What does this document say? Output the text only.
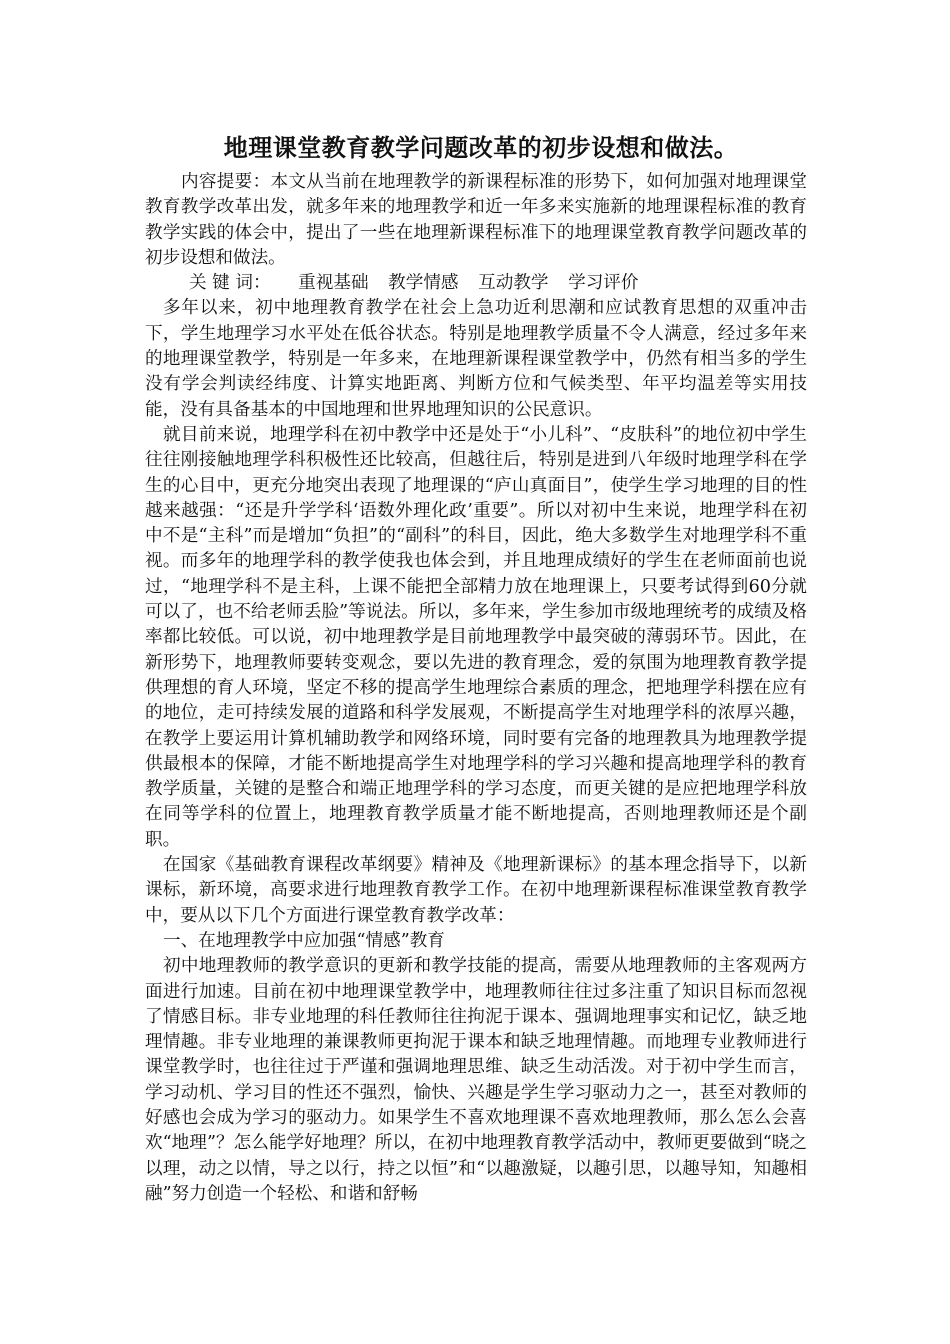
地理课堂教育教学问题改革的初步设想和做法。

内容提要：本文从当前在地理教学的新课程标准的形势下，如何加强对地理课堂教育教学改革出发，就多年来的地理教学和近一年多来实施新的地理课程标准的教育教学实践的体会中，提出了一些在地理新课程标准下的地理课堂教育教学问题改革的初步设想和做法。

关 键 词： 重视基础 教学情感 互动教学 学习评价

多年以来，初中地理教育教学在社会上急功近利思潮和应试教育思想的双重冲击下，学生地理学习水平处在低谷状态。特别是地理教学质量不令人满意，经过多年来的地理课堂教学，特别是一年多来，在地理新课程课堂教学中，仍然有相当多的学生没有学会判读经纬度、计算实地距离、判断方位和气候类型、年平均温差等实用技能，没有具备基本的中国地理和世界地理知识的公民意识。

就目前来说，地理学科在初中教学中还是处于“小儿科”、“皮肤科”的地位初中学生往往刚接触地理学科积极性还比较高，但越往后，特别是进到八年级时地理学科在学生的心目中，更充分地突出表现了地理课的“庐山真面目”，使学生学习地理的目的性越来越强：“还是升学学科‘语数外理化政’重要”。所以对初中生来说，地理学科在初中不是“主科”而是增加“负担”的“副科”的科目，因此，绝大多数学生对地理学科不重视。而多年的地理学科的教学使我也体会到，并且地理成绩好的学生在老师面前也说过，“地理学科不是主科，上课不能把全部精力放在地理课上，只要考试得到60分就可以了，也不给老师丢脸”等说法。所以，多年来，学生参加市级地理统考的成绩及格率都比较低。可以说，初中地理教学是目前地理教学中最突破的薄弱环节。因此，在新形势下，地理教师要转变观念，要以先进的教育理念，爱的氛围为地理教育教学提供理想的育人环境，坚定不移的提高学生地理综合素质的理念，把地理学科摆在应有的地位，走可持续发展的道路和科学发展观，不断提高学生对地理学科的浓厚兴趣，在教学上要运用计算机辅助教学和网络环境，同时要有完备的地理教具为地理教学提供最根本的保障，才能不断地提高学生对地理学科的学习兴趣和提高地理学科的教育教学质量，关键的是整合和端正地理学科的学习态度，而更关键的是应把地理学科放在同等学科的位置上，地理教育教学质量才能不断地提高，否则地理教师还是个副职。

在国家《基础教育课程改革纲要》精神及《地理新课标》的基本理念指导下，以新课标，新环境，高要求进行地理教育教学工作。在初中地理新课程标准课堂教育教学中，要从以下几个方面进行课堂教育教学改革：

一、在地理教学中应加强“情感”教育

初中地理教师的教学意识的更新和教学技能的提高，需要从地理教师的主客观两方面进行加速。目前在初中地理课堂教学中，地理教师往往过多注重了知识目标而忽视了情感目标。非专业地理的科任教师往往拘泥于课本、强调地理事实和记忆，缺乏地理情趣。非专业地理的兼课教师更拘泥于课本和缺乏地理情趣。而地理专业教师进行课堂教学时，也往往过于严谨和强调地理思维、缺乏生动活泼。对于初中学生而言，学习动机、学习目的性还不强烈，愉快、兴趣是学生学习驱动力之一，甚至对教师的好感也会成为学习的驱动力。如果学生不喜欢地理课不喜欢地理教师，那么怎么会喜欢“地理”？怎么能学好地理？所以，在初中地理教育教学活动中，教师更要做到“晓之以理，动之以情，导之以行，持之以恒”和“以趣激疑，以趣引思，以趣导知，知趣相融”努力创造一个轻松、和谐和舒畅
